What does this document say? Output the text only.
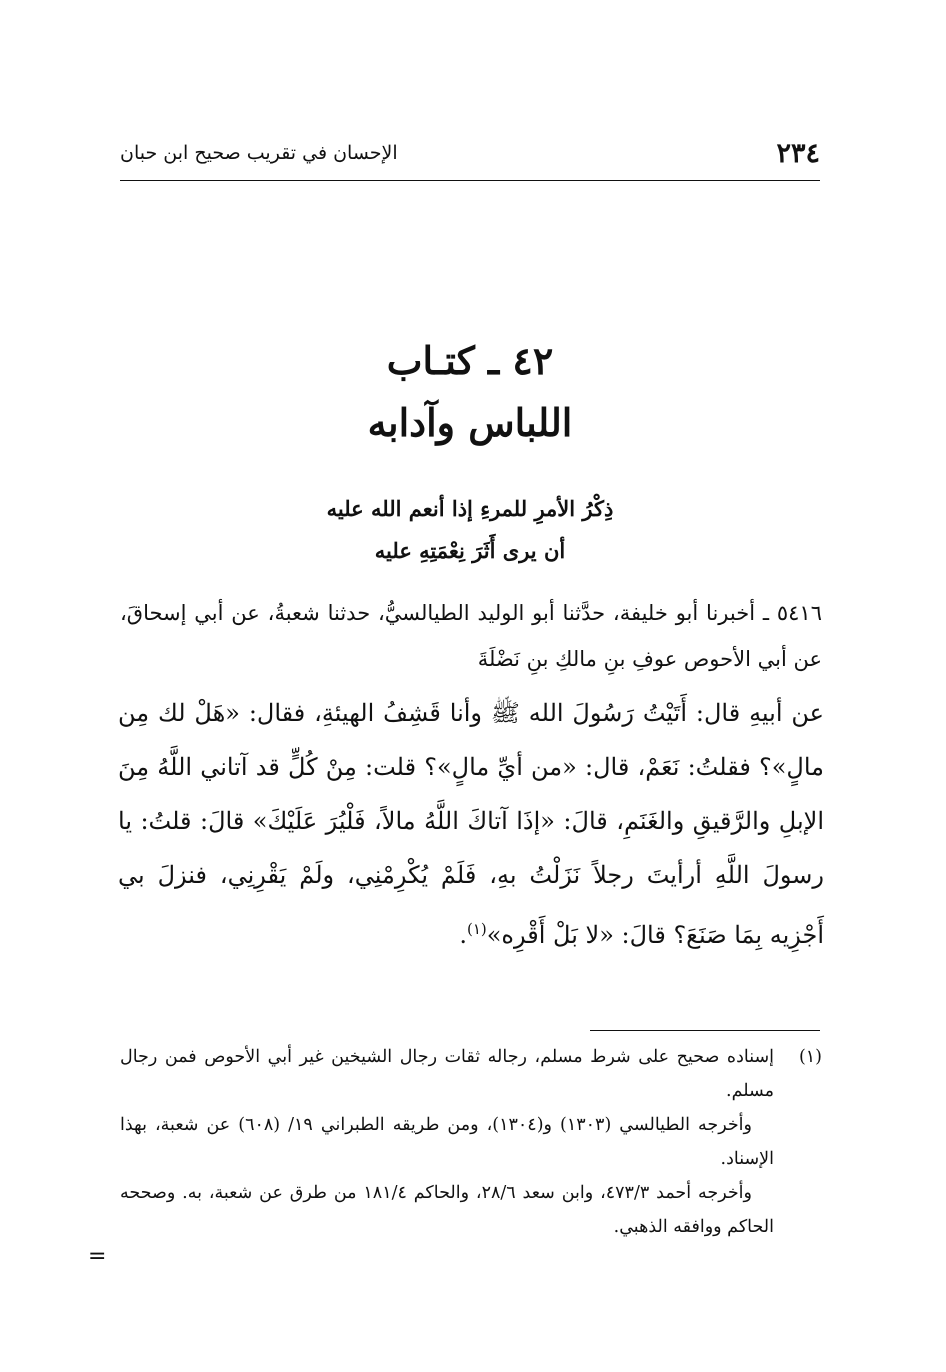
٢٣٤
الإحسان في تقريب صحيح ابن حبان
٤٢ ـ كتـاب
اللباس وآدابه
ذِكْرُ الأمرِ للمرءِ إذا أنعم الله عليه
أن يرى أَثَرَ نِعْمَتِهِ عليه

٥٤١٦ ـ أخبرنا أبو خليفة، حدَّثنا أبو الوليد الطيالسيُّ، حدثنا شعبةُ، عن أبي إسحاقَ، عن أبي الأحوص عوفِ بنِ مالكِ بنِ نَضْلَةَ

عن أبيهِ قال: أَتَيْتُ رَسُولَ الله ﷺ وأنا قَشِفُ الهيئةِ، فقال: «هَلْ لك مِن مالٍ»؟ فقلتُ: نَعَمْ، قال: «من أيِّ مالٍ»؟ قلت: مِنْ كُلٍّ قد آتاني اللَّهُ مِنَ الإبلِ والرَّقيقِ والغَنَمِ، قالَ: «إذَا آتاكَ اللَّهُ مالاً، فَلْيُرَ عَلَيْكَ» قالَ: قلتُ: يا رسولَ اللَّهِ أرأيتَ رجلاً نَزَلْتُ بهِ، فَلَمْ يُكْرِمْنِي، ولَمْ يَقْرِنِي، فنزلَ بي أَجْزِيه بِمَا صَنَعَ؟ قالَ: «لا بَلْ أَقْرِه»$^{(١)}$.

(١)
إسناده صحيح على شرط مسلم، رجاله ثقات رجال الشيخين غير أبي الأحوص فمن رجال مسلم.
وأخرجه الطيالسي (١٣٠٣) و(١٣٠٤)، ومن طريقه الطبراني ١٩/ (٦٠٨) عن شعبة، بهذا الإسناد.
وأخرجه أحمد ٤٧٣/٣، وابن سعد ٢٨/٦، والحاكم ١٨١/٤ من طرق عن شعبة، به. وصححه الحاكم ووافقه الذهبي.
=
